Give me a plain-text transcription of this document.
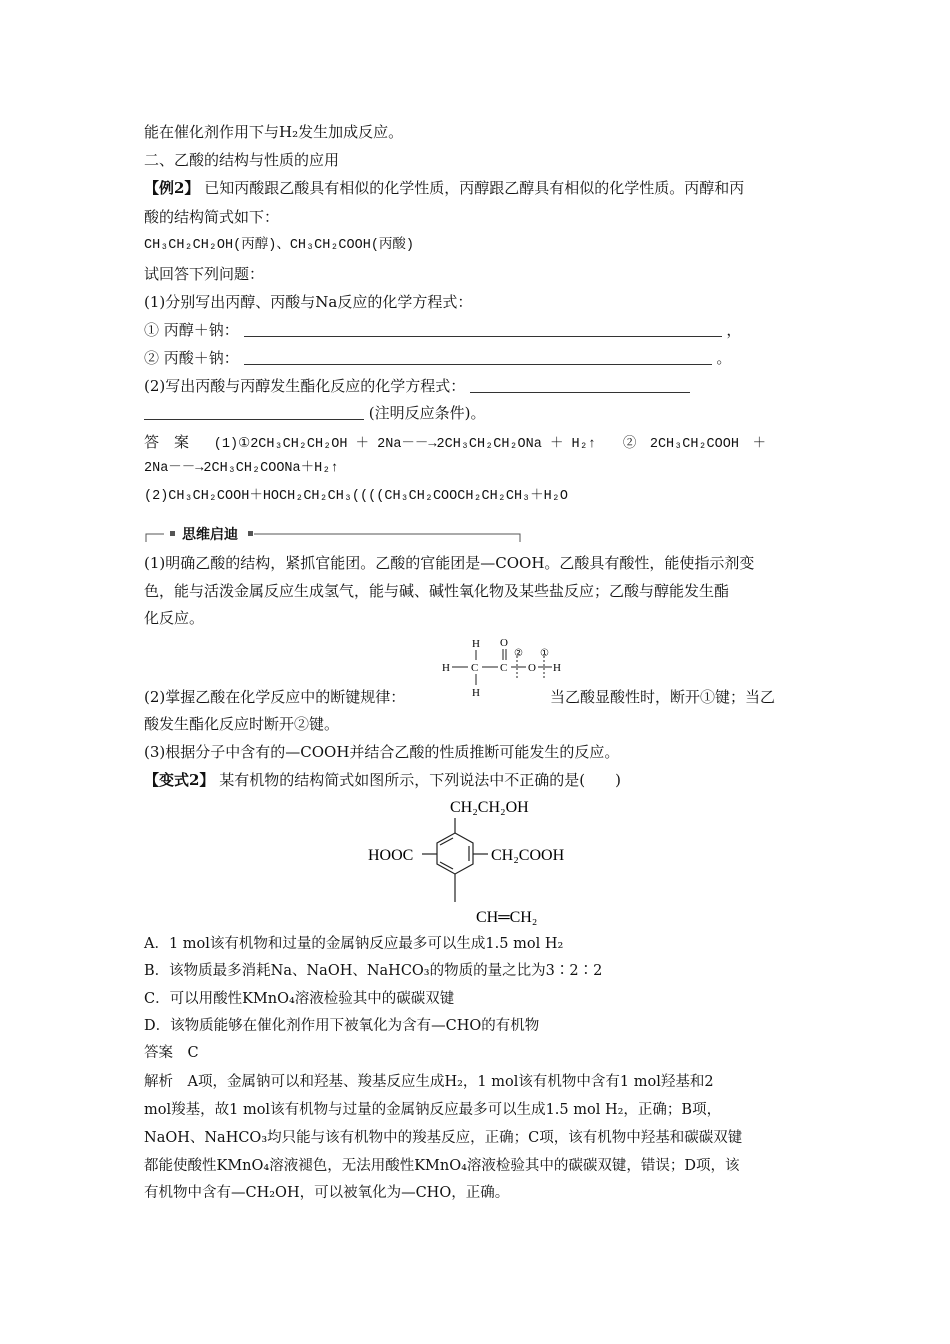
能在催化剂作用下与H₂发生加成反应。
二、乙酸的结构与性质的应用
【例2】 已知丙酸跟乙酸具有相似的化学性质，丙醇跟乙醇具有相似的化学性质。丙醇和丙
酸的结构简式如下：
CH₃CH₂CH₂OH(丙醇)、CH₃CH₂COOH(丙酸)
试回答下列问题：
(1)分别写出丙醇、丙酸与Na反应的化学方程式：
① 丙醇＋钠：	，
② 丙酸＋钠：	。
(2)写出丙酸与丙醇发生酯化反应的化学方程式：
(注明反应条件)。
答　案 (1)①2CH₃CH₂CH₂OH ＋ 2Na－－→2CH₃CH₂CH₂ONa ＋ H₂↑　　②　2CH₃CH₂COOH　＋
2Na－－→2CH₃CH₂COONa＋H₂↑
(2)CH₃CH₂COOH＋HOCH₂CH₂CH₃((((CH₃CH₂COOCH₂CH₂CH₃＋H₂O
思维启迪
(1)明确乙酸的结构，紧抓官能团。乙酸的官能团是—COOH。乙酸具有酸性，能使指示剂变
色，能与活泼金属反应生成氢气，能与碱、碱性氧化物及某些盐反应；乙酸与醇能发生酯
化反应。
H
H C C
O
②
O
①
H
H
(2)掌握乙酸在化学反应中的断键规律：	当乙酸显酸性时，断开①键；当乙
酸发生酯化反应时断开②键。
(3)根据分子中含有的—COOH并结合乙酸的性质推断可能发生的反应。
【变式2】 某有机物的结构简式如图所示，下列说法中不正确的是(　　)
CH₂CH₂OH
HOOC	CH₂COOH
CH═CH₂
A．1 mol该有机物和过量的金属钠反应最多可以生成1.5 mol H₂
B．该物质最多消耗Na、NaOH、NaHCO₃的物质的量之比为3∶2∶2
C．可以用酸性KMnO₄溶液检验其中的碳碳双键
D．该物质能够在催化剂作用下被氧化为含有—CHO的有机物
答案　C
解析　A项，金属钠可以和羟基、羧基反应生成H₂，1 mol该有机物中含有1 mol羟基和2
mol羧基，故1 mol该有机物与过量的金属钠反应最多可以生成1.5 mol H₂，正确；B项，
NaOH、NaHCO₃均只能与该有机物中的羧基反应，正确；C项，该有机物中羟基和碳碳双键
都能使酸性KMnO₄溶液褪色，无法用酸性KMnO₄溶液检验其中的碳碳双键，错误；D项，该
有机物中含有—CH₂OH，可以被氧化为—CHO，正确。
